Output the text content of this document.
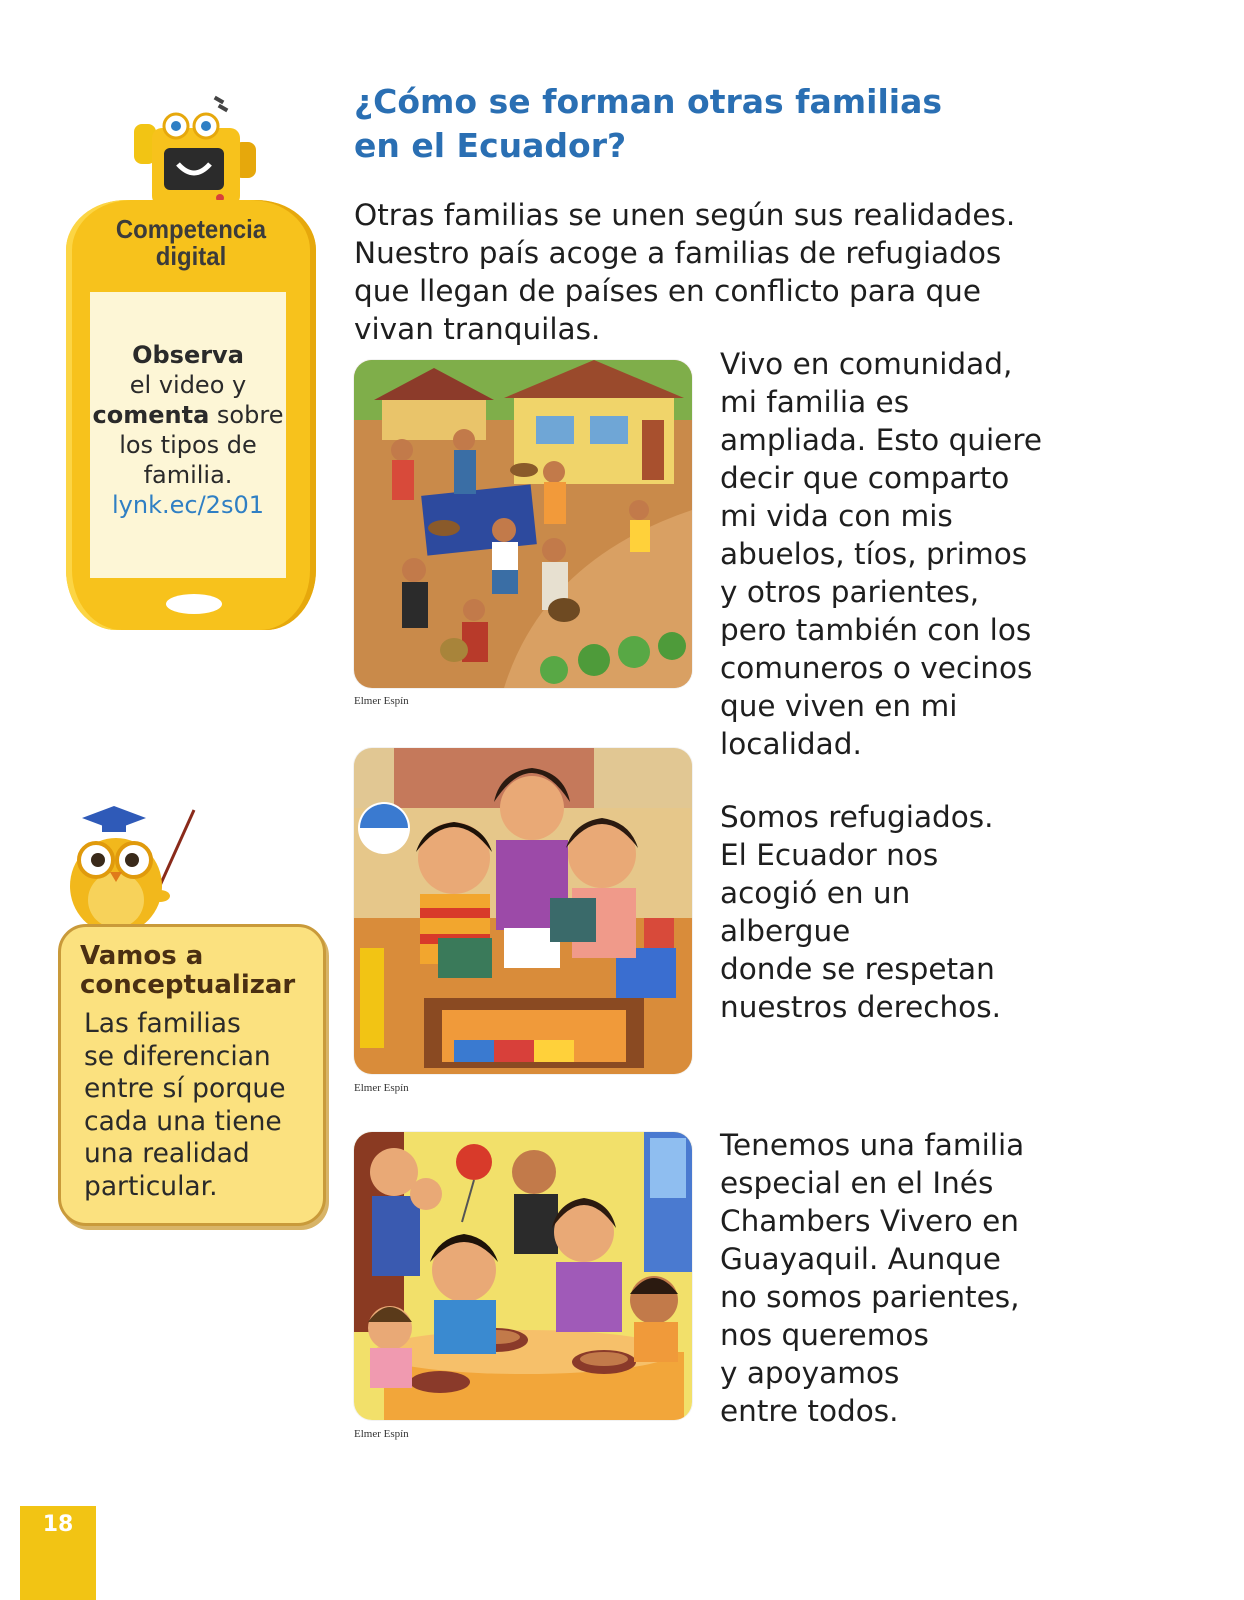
¿Cómo se forman otras familias
en el Ecuador?
Otras familias se unen según sus realidades.
Nuestro país acoge a familias de refugiados
que llegan de países en conflicto para que
vivan tranquilas.
Elmer Espín
Vivo en comunidad,
mi familia es
ampliada. Esto quiere
decir que comparto
mi vida con mis
abuelos, tíos, primos
y otros parientes,
pero también con los
comuneros o vecinos
que viven en mi
localidad.
Elmer Espín
Somos refugiados.
El Ecuador nos
acogió en un
albergue
donde se respetan
nuestros derechos.
Elmer Espín
Tenemos una familia
especial en el Inés
Chambers Vivero en
Guayaquil. Aunque
no somos parientes,
nos queremos
y apoyamos
entre todos.
Competencia
digital
Observa
el video y
comenta sobre
los tipos de
familia.
lynk.ec/2s01
Vamos a
conceptualizar
Las familias
se diferencian
entre sí porque
cada una tiene
una realidad
particular.
18
